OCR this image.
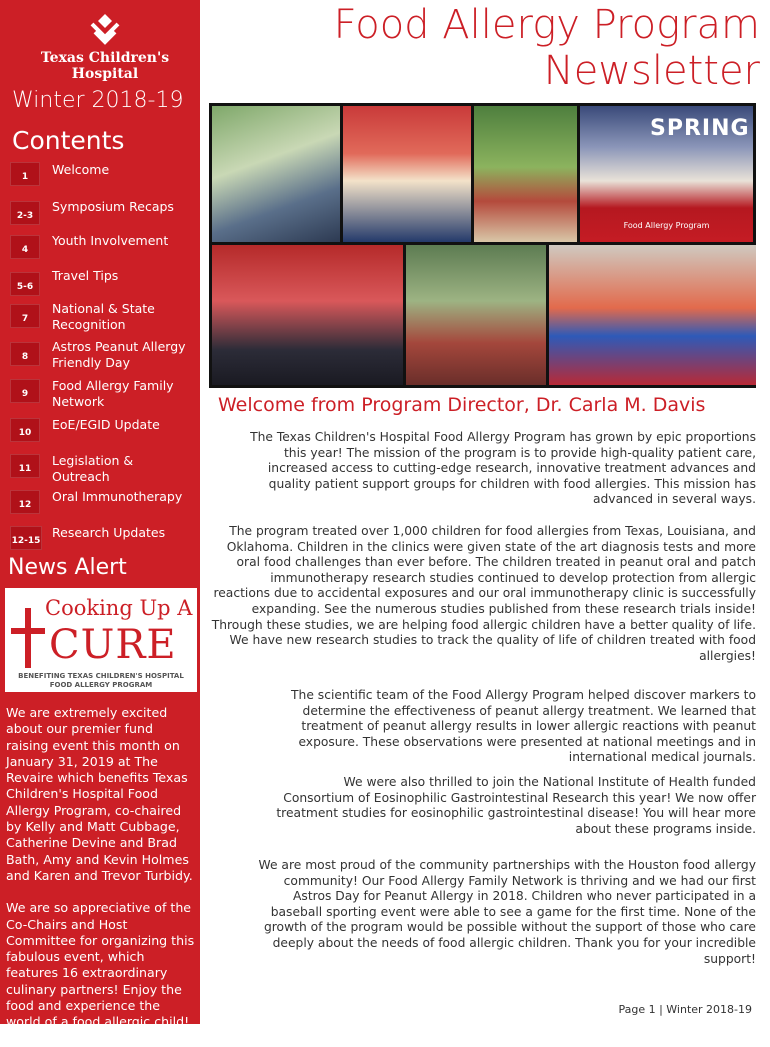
Texas Children's
Hospital
Winter 2018-19
Contents
1	Welcome
2-3
Symposium Recaps
4
Youth Involvement
5-6
Travel Tips
7
National & State Recognition
8
Astros Peanut Allergy Friendly Day
9
Food Allergy Family Network
10
EoE/EGID Update
11
Legislation & Outreach
12
Oral Immunotherapy
12-15
Research Updates
News Alert
Cooking Up A
CURE
BENEFITING TEXAS CHILDREN'S HOSPITAL
FOOD ALLERGY PROGRAM

We are extremely excited about our premier fund raising event this month on January 31, 2019 at The Revaire which benefits Texas Children's Hospital Food Allergy Program, co-chaired by Kelly and Matt Cubbage, Catherine Devine and Brad Bath, Amy and Kevin Holmes and Karen and Trevor Turbidy.

We are so appreciative of the Co-Chairs and Host Committee for organizing this fabulous event, which features 16 extraordinary culinary partners! Enjoy the food and experience the world of a food allergic child!

Food Allergy Program
Newsletter
SPRING
Food Allergy Program
Welcome from Program Director, Dr. Carla M. Davis
The Texas Children's Hospital Food Allergy Program has grown by epic proportions this year! The mission of the program is to provide high-quality patient care, increased access to cutting-edge research, innovative treatment advances and quality patient support groups for children with food allergies. This mission has advanced in several ways.
The program treated over 1,000 children for food allergies from Texas, Louisiana, and Oklahoma. Children in the clinics were given state of the art diagnosis tests and more oral food challenges than ever before. The children treated in peanut oral and patch immunotherapy research studies continued to develop protection from allergic reactions due to accidental exposures and our oral immunotherapy clinic is successfully expanding. See the numerous studies published from these research trials inside! Through these studies, we are helping food allergic children have a better quality of life. We have new research studies to track the quality of life of children treated with food allergies!
The scientific team of the Food Allergy Program helped discover markers to determine the effectiveness of peanut allergy treatment. We learned that treatment of peanut allergy results in lower allergic reactions with peanut exposure. These observations were presented at national meetings and in international medical journals.
We were also thrilled to join the National Institute of Health funded Consortium of Eosinophilic Gastrointestinal Research this year! We now offer treatment studies for eosinophilic gastrointestinal disease! You will hear more about these programs inside.
We are most proud of the community partnerships with the Houston food allergy community! Our Food Allergy Family Network is thriving and we had our first Astros Day for Peanut Allergy in 2018. Children who never participated in a baseball sporting event were able to see a game for the first time. None of the growth of the program would be possible without the support of those who care deeply about the needs of food allergic children. Thank you for your incredible support!
Page 1 | Winter 2018-19
